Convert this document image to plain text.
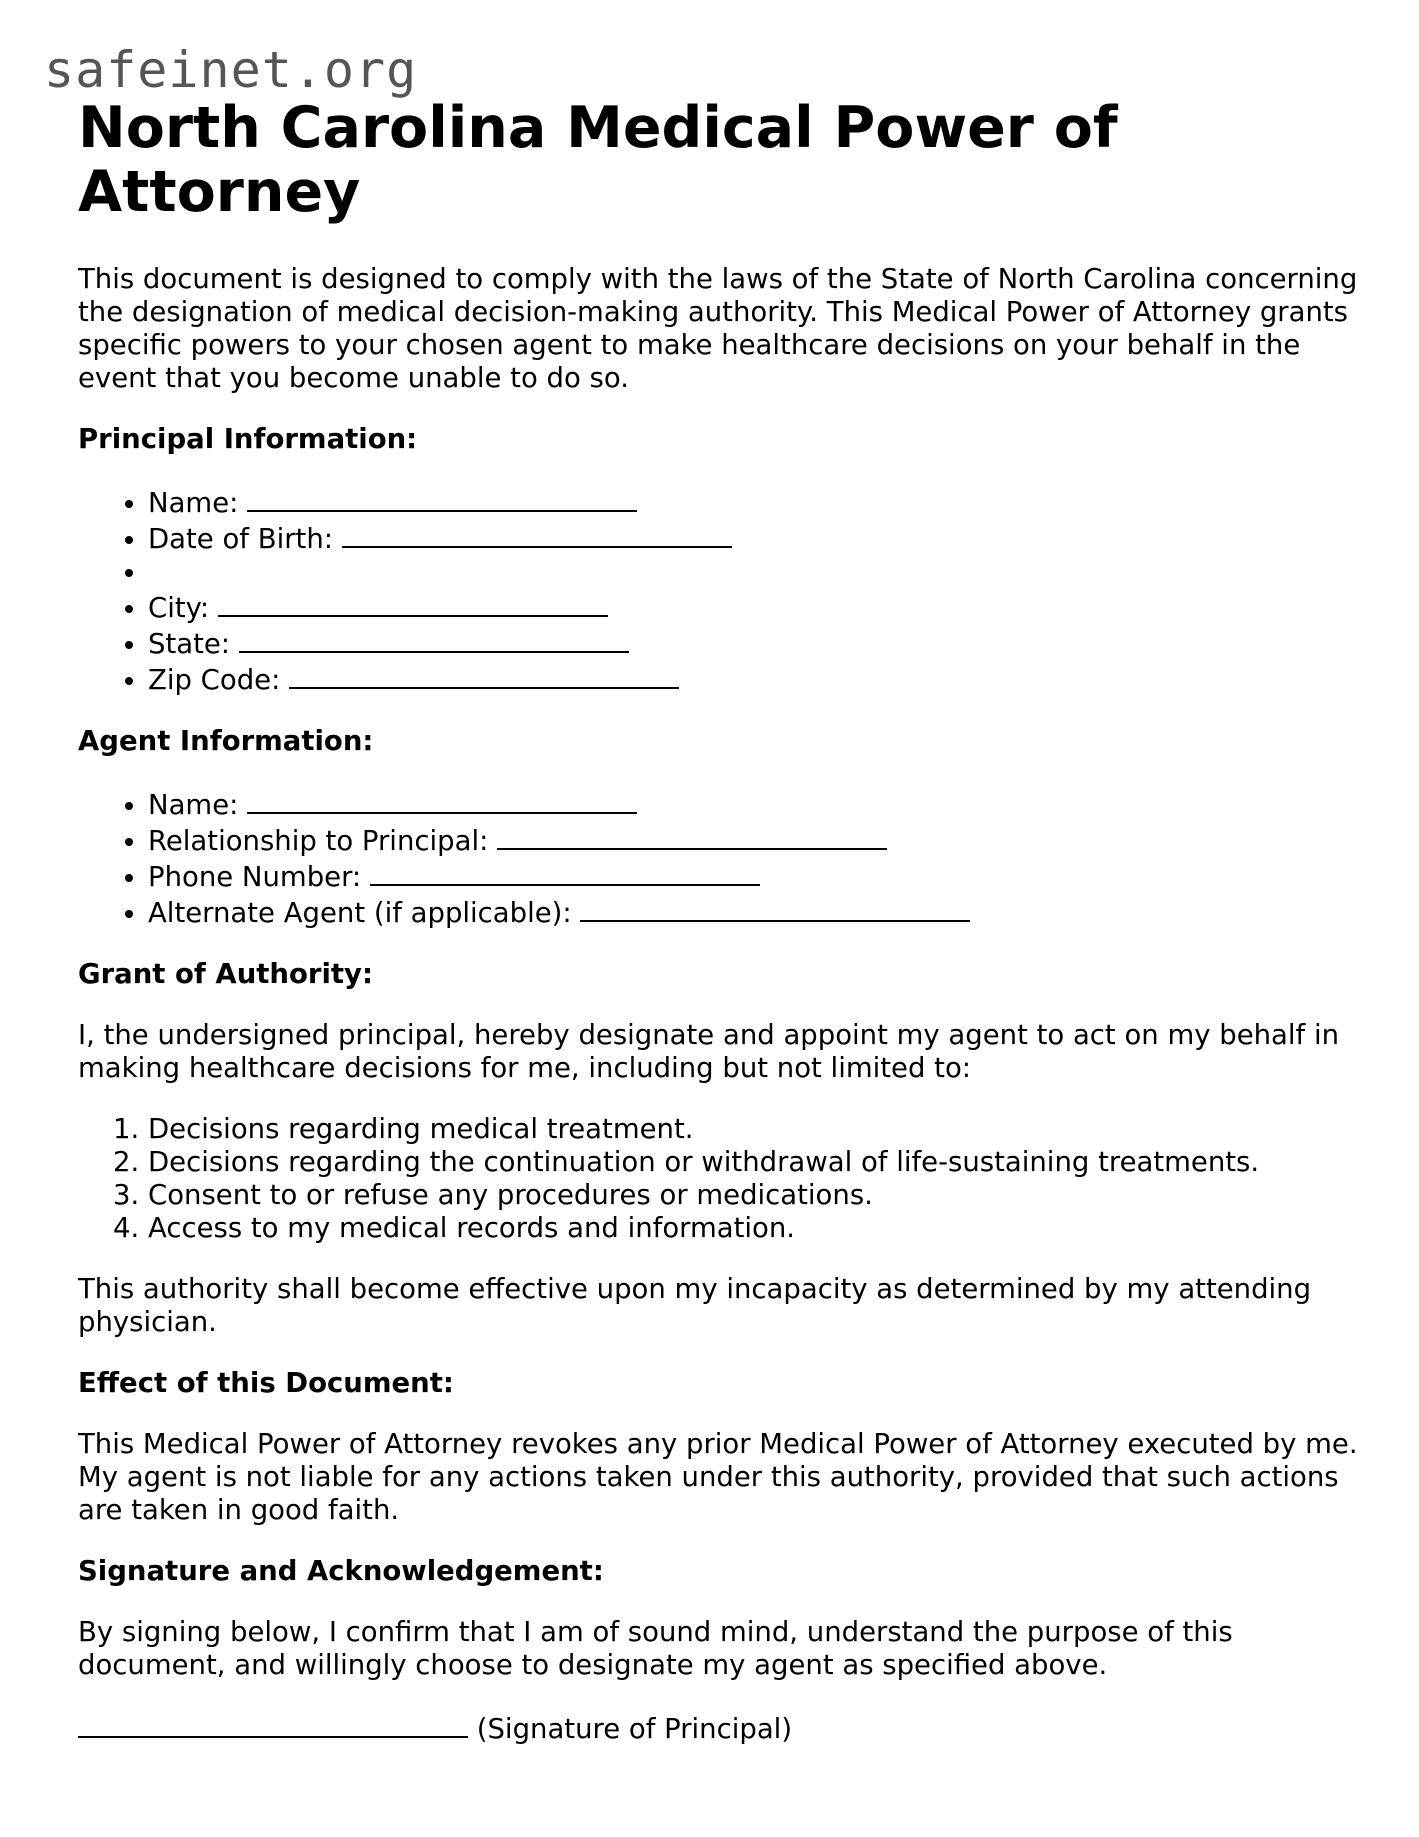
safeinet.org
North Carolina Medical Power of Attorney

This document is designed to comply with the laws of the State of North Carolina concerning the designation of medical decision-making authority. This Medical Power of Attorney grants specific powers to your chosen agent to make healthcare decisions on your behalf in the event that you become unable to do so.

Principal Information:
• Name:
• Date of Birth:
•
• City:
• State:
• Zip Code:
Agent Information:
• Name:
• Relationship to Principal:
• Phone Number:
• Alternate Agent (if applicable):
Grant of Authority:

I, the undersigned principal, hereby designate and appoint my agent to act on my behalf in making healthcare decisions for me, including but not limited to:

1. Decisions regarding medical treatment.
2. Decisions regarding the continuation or withdrawal of life-sustaining treatments.
3. Consent to or refuse any procedures or medications.
4. Access to my medical records and information.

This authority shall become effective upon my incapacity as determined by my attending physician.

Effect of this Document:

This Medical Power of Attorney revokes any prior Medical Power of Attorney executed by me. My agent is not liable for any actions taken under this authority, provided that such actions are taken in good faith.

Signature and Acknowledgement:

By signing below, I confirm that I am of sound mind, understand the purpose of this document, and willingly choose to designate my agent as specified above.

(Signature of Principal)
